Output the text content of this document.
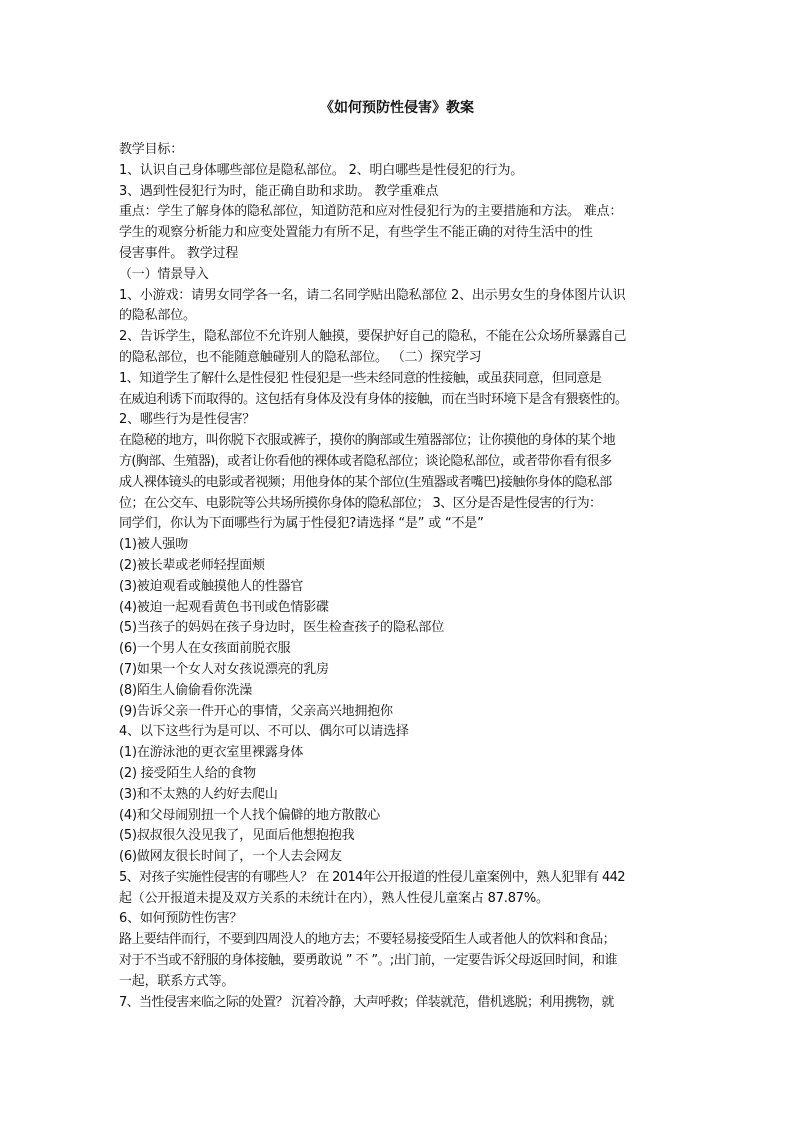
《如何预防性侵害》教案
教学目标：
1、认识自己身体哪些部位是隐私部位。 2、明白哪些是性侵犯的行为。
3、遇到性侵犯行为时，能正确自助和求助。 教学重难点
重点：学生了解身体的隐私部位，知道防范和应对性侵犯行为的主要措施和方法。 难点：
学生的观察分析能力和应变处置能力有所不足，有些学生不能正确的对待生活中的性
侵害事件。 教学过程
（一）情景导入
1、小游戏：请男女同学各一名，请二名同学贴出隐私部位 2、出示男女生的身体图片认识
的隐私部位。
2、告诉学生，隐私部位不允许别人触摸，要保护好自己的隐私，不能在公众场所暴露自己
的隐私部位，也不能随意触碰别人的隐私部位。 （二）探究学习
1、知道学生了解什么是性侵犯 性侵犯是一些未经同意的性接触，或虽获同意，但同意是
在威迫利诱下而取得的。这包括有身体及没有身体的接触，而在当时环境下是含有猥亵性的。
2、哪些行为是性侵害？
在隐秘的地方，叫你脱下衣服或裤子，摸你的胸部或生殖器部位；让你摸他的身体的某个地
方(胸部、生殖器)，或者让你看他的裸体或者隐私部位；谈论隐私部位，或者带你看有很多
成人裸体镜头的电影或者视频；用他身体的某个部位(生殖器或者嘴巴)接触你身体的隐私部
位；在公交车、电影院等公共场所摸你身体的隐私部位； 3、区分是否是性侵害的行为：
同学们，你认为下面哪些行为属于性侵犯?请选择 “是” 或 “不是”
(1)被人强吻
(2)被长辈或老师轻捏面颊
(3)被迫观看或触摸他人的性器官
(4)被迫一起观看黄色书刊或色情影碟
(5)当孩子的妈妈在孩子身边时，医生检查孩子的隐私部位
(6)一个男人在女孩面前脱衣服
(7)如果一个女人对女孩说漂亮的乳房
(8)陌生人偷偷看你洗澡
(9)告诉父亲一件开心的事情，父亲高兴地拥抱你
4、以下这些行为是可以、不可以、偶尔可以请选择
(1)在游泳池的更衣室里裸露身体
(2) 接受陌生人给的食物
(3)和不太熟的人约好去爬山
(4)和父母闹别扭一个人找个偏僻的地方散散心
(5)叔叔很久没见我了，见面后他想抱抱我
(6)做网友很长时间了，一个人去会网友
5、对孩子实施性侵害的有哪些人？ 在 2014年公开报道的性侵儿童案例中，熟人犯罪有 442
起（公开报道未提及双方关系的未统计在内），熟人性侵儿童案占 87.87%。
6、如何预防性伤害？
路上要结伴而行，不要到四周没人的地方去；不要轻易接受陌生人或者他人的饮料和食品；
对于不当或不舒服的身体接触，要勇敢说 ” 不 ”。;出门前，一定要告诉父母返回时间，和谁
一起，联系方式等。
7、当性侵害来临之际的处置？ 沉着冷静，大声呼救；佯装就范，借机逃脱；利用携物，就
